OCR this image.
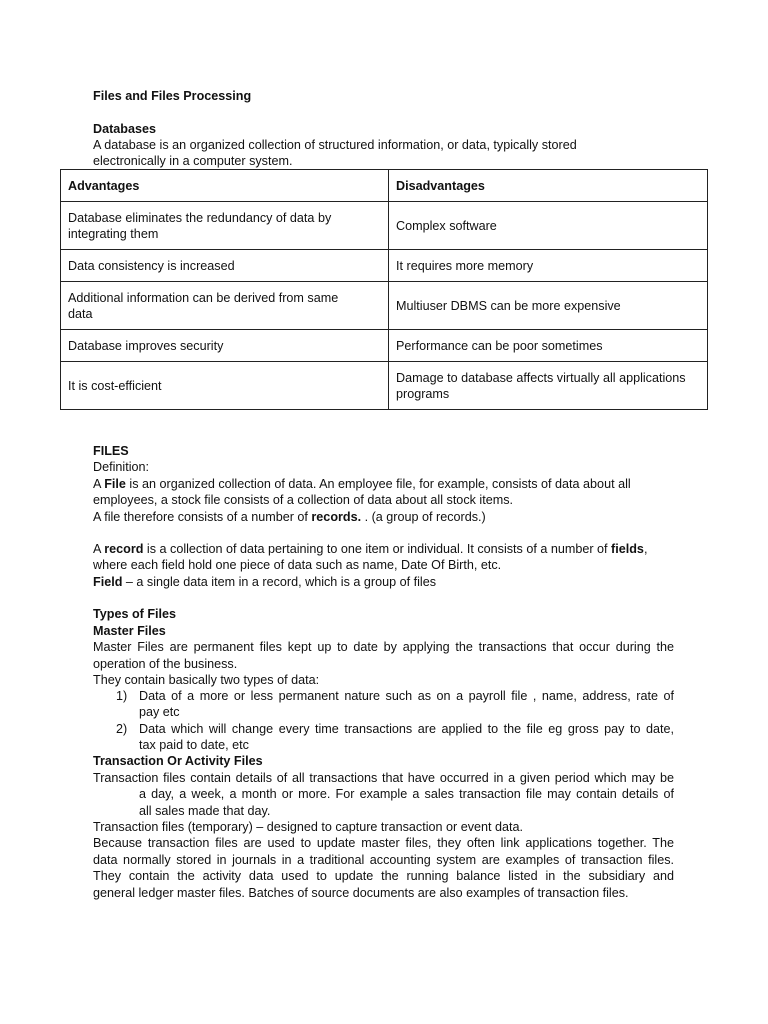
Files and Files Processing
Databases
A database is an organized collection of structured information, or data, typically stored
electronically in a computer system.
Advantages	Disadvantages
Database eliminates the redundancy of data by
integrating them	Complex software
Data consistency is increased	It requires more memory
Additional information can be derived from same
data	Multiuser DBMS can be more expensive
Database improves security	Performance can be poor sometimes
It is cost-efficient	Damage to database affects virtually all applications
programs
FILES
Definition:
A File is an organized collection of data. An employee file, for example, consists of data about all
employees, a stock file consists of a collection of data about all stock items.
A file therefore consists of a number of records. . (a group of records.)
A record is a collection of data pertaining to one item or individual. It consists of a number of fields,
where each field hold one piece of data such as name, Date Of Birth, etc.
Field – a single data item in a record, which is a group of files
Types of Files
Master Files
Master Files are permanent files kept up to date by applying the transactions that occur during the
operation of the business.
They contain basically two types of data:
1) Data of a more or less permanent nature such as on a payroll file , name, address, rate of
pay etc
2) Data which will change every time transactions are applied to the file eg gross pay to date,
tax paid to date, etc
Transaction Or Activity Files
Transaction files contain details of all transactions that have occurred in a given period which may be
a day, a week, a month or more. For example a sales transaction file may contain details of
all sales made that day.
Transaction files (temporary) – designed to capture transaction or event data.
Because transaction files are used to update master files, they often link applications together. The
data normally stored in journals in a traditional accounting system are examples of transaction files.
They contain the activity data used to update the running balance listed in the subsidiary and
general ledger master files. Batches of source documents are also examples of transaction files.
